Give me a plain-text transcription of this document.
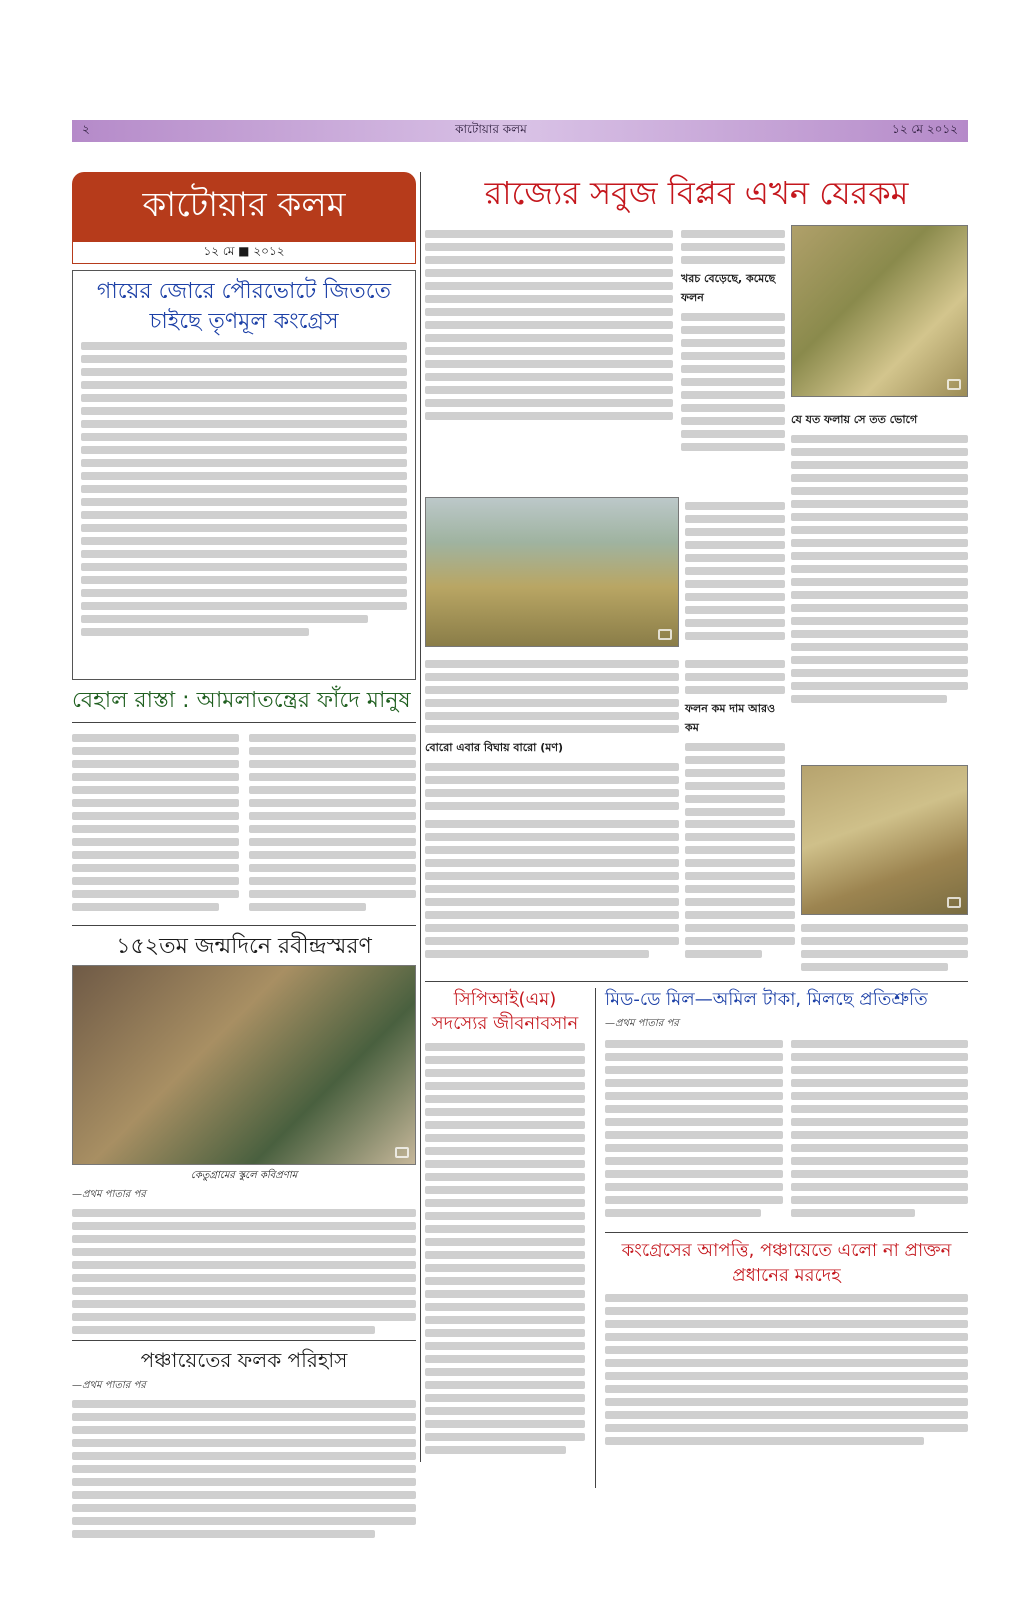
২	কাটোয়ার কলম	১২ মে ২০১২
কাটোয়ার কলম
১২ মে ■ ২০১২
গায়ের জোরে পৌরভোটে জিততে চাইছে তৃণমূল কংগ্রেস
বেহাল রাস্তা : আমলাতন্ত্রের ফাঁদে মানুষ
১৫২তম জন্মদিনে রবীন্দ্রস্মরণ
কেতুগ্রামের স্কুলে কবিপ্রণাম
—প্রথম পাতার পর
পঞ্চায়েতের ফলক পরিহাস
—প্রথম পাতার পর
রাজ্যের সবুজ বিপ্লব এখন যেরকম
খরচ বেড়েছে, কমেছে ফলন
যে যত ফলায় সে তত ভোগে
বোরো এবার বিঘায় বারো (মণ)
ফলন কম দাম আরও কম
সিপিআই(এম) সদস্যের জীবনাবসান
মিড-ডে মিল—অমিল টাকা, মিলছে প্রতিশ্রুতি
—প্রথম পাতার পর
কংগ্রেসের আপত্তি, পঞ্চায়েতে এলো না প্রাক্তন প্রধানের মরদেহ
